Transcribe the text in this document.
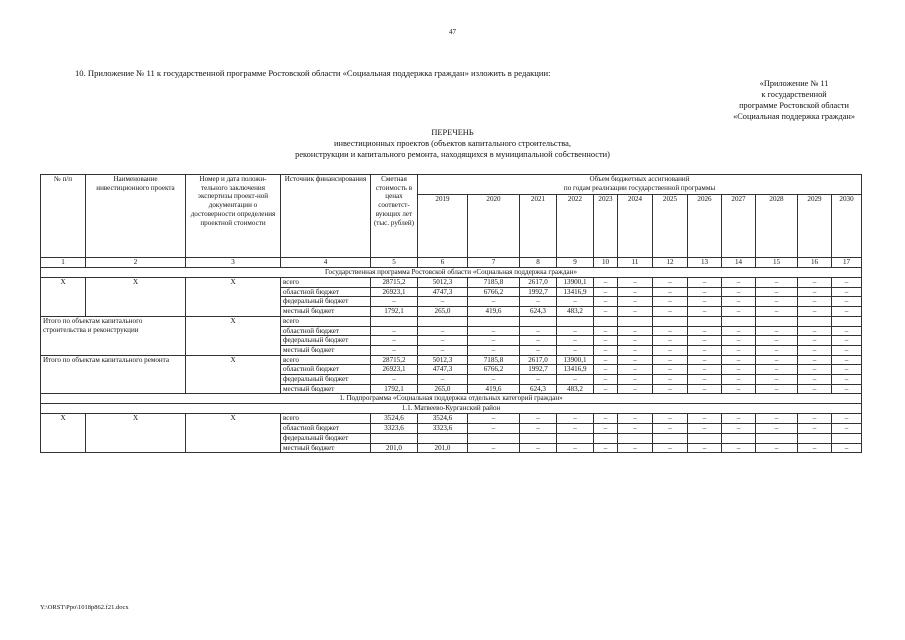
47
10. Приложение № 11 к государственной программе Ростовской области «Социальная поддержка граждан» изложить в редакции:
«Приложение № 11
к государственной
программе Ростовской области
«Социальная поддержка граждан»
ПЕРЕЧЕНЬ
инвестиционных проектов (объектов капитального строительства,
реконструкции и капитального ремонта, находящихся в муниципальной собственности)
№ п/п	Наименование инвестиционного проекта	Номер и дата положи-тельного заключения экспертизы проект-ной документации о достоверности определения проектной стоимости	Источник финансирования	Сметная стоимость в ценах соответст-вующих лет (тыс. рублей)	Объем бюджетных ассигнований
по годам реализации государственной программы											

					2019	2020	2021	2022	2023	2024	2025	2026	2027	2028	2029	2030
1	2	3	4	5	6	7	8	9	10	11	12	13	14	15	16	17
Государственная программа Ростовской области «Социальная поддержка граждан»																
X	X	X	всего	28715,2	5012,3	7185,8	2617,0	13900,1	–	–	–	–	–	–	–	–
			областной бюджет	26923,1	4747,3	6766,2	1992,7	13416,9	–	–	–	–	–	–	–	–
			федеральный бюджет	–	–	–	–	–	–	–	–	–	–	–	–	–
			местный бюджет	1792,1	265,0	419,6	624,3	483,2	–	–	–	–	–	–	–	–
Итого по объектам капитального строительства и реконструкции		X	всего													
			областной бюджет	–	–	–	–	–	–	–	–	–	–	–	–	–
			федеральный бюджет	–	–	–	–	–	–	–	–	–	–	–	–	–
			местный бюджет	–	–	–	–	–	–	–	–	–	–	–	–	–
Итого по объектам капитального ремонта		X	всего	28715,2	5012,3	7185,8	2617,0	13900,1	–	–	–	–	–	–	–	–
			областной бюджет	26923,1	4747,3	6766,2	1992,7	13416,9	–	–	–	–	–	–	–	–
			федеральный бюджет	–	–	–	–	–	–	–	–	–	–	–	–	–
			местный бюджет	1792,1	265,0	419,6	624,3	483,2	–	–	–	–	–	–	–	–
1. Подпрограмма «Социальная поддержка отдельных категорий граждан»																
1.1. Матвеево-Курганский район																
X	X	X	всего	3524,6	3524,6	–	–	–	–	–	–	–	–	–	–	–
			областной бюджет	3323,6	3323,6	–	–	–	–	–	–	–	–	–	–	–
			федеральный бюджет													
			местный бюджет	201,0	201,0	–	–	–	–	–	–	–	–	–	–	–
Y:\ORST\Ppo\1018p862.f21.docx
